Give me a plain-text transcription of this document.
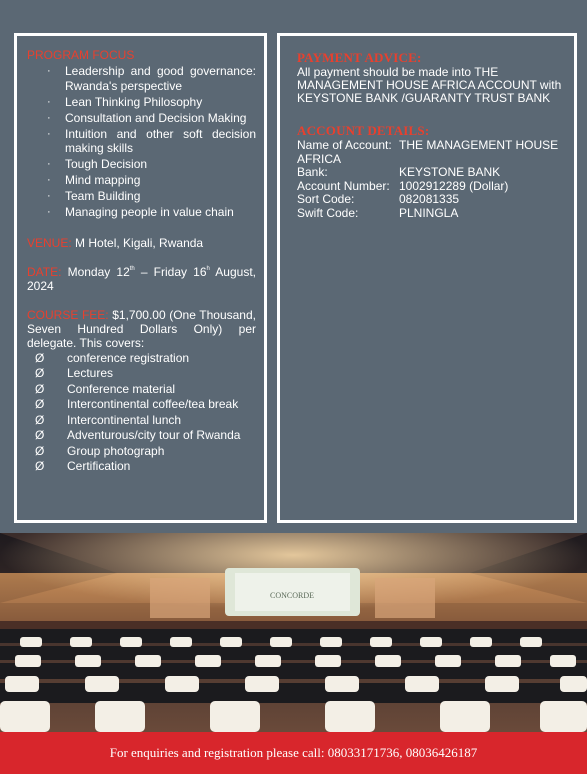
PROGRAM FOCUS
· Leadership and good governance: Rwanda's perspective
· Lean Thinking Philosophy
· Consultation and Decision Making
· Intuition and other soft decision making skills
· Tough Decision
· Mind mapping
· Team Building
· Managing people in value chain
VENUE: M Hotel, Kigali, Rwanda
DATE: Monday 12th – Friday 16$^h$ August, 2024
COURSE FEE: $1,700.00 (One Thousand, Seven Hundred Dollars Only) per delegate. This covers:
Ø conference registration
Ø Lectures
Ø Conference material
Ø Intercontinental coffee/tea break
Ø Intercontinental lunch
Ø Adventurous/city tour of Rwanda
Ø Group photograph
Ø Certification
PAYMENT ADVICE:
All payment should be made into THE MANAGEMENT HOUSE AFRICA ACCOUNT with KEYSTONE BANK /GUARANTY TRUST BANK
ACCOUNT DETAILS:
Name of Account: THE MANAGEMENT HOUSE
AFRICA
Bank:	KEYSTONE BANK
Account Number: 1002912289 (Dollar)
Sort Code:	082081335
Swift Code:	PLNINGLA
CONCORDE
For enquiries and registration please call: 08033171736, 08036426187
